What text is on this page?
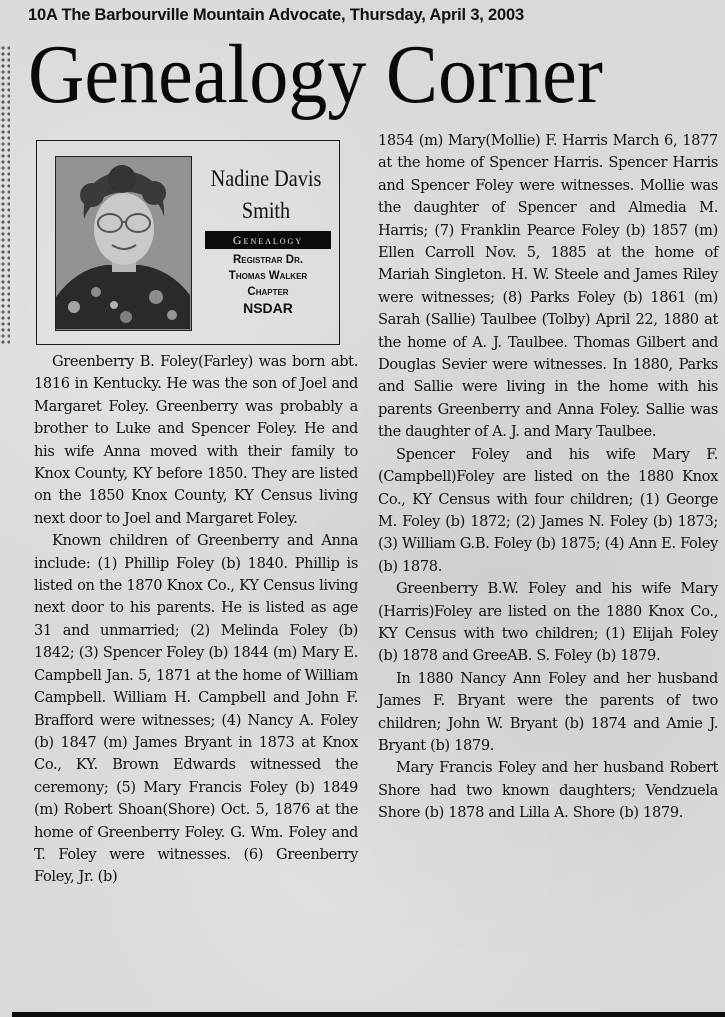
10A The Barbourville Mountain Advocate, Thursday, April 3, 2003
Genealogy Corner
Nadine Davis
Smith
Genealogy
Registrar Dr.
Thomas Walker
Chapter
NSDAR

Greenberry B. Foley(Farley) was born abt. 1816 in Kentucky. He was the son of Joel and Margaret Foley. Greenberry was probably a brother to Luke and Spencer Foley. He and his wife Anna moved with their family to Knox County, KY before 1850. They are listed on the 1850 Knox County, KY Census living next door to Joel and Margaret Foley.

Known children of Greenberry and Anna include: (1) Phillip Foley (b) 1840. Phillip is listed on the 1870 Knox Co., KY Census living next door to his parents. He is listed as age 31 and unmarried; (2) Melinda Foley (b) 1842; (3) Spencer Foley (b) 1844 (m) Mary E. Campbell Jan. 5, 1871 at the home of William Campbell. William H. Campbell and John F. Brafford were witnesses; (4) Nancy A. Foley (b) 1847 (m) James Bryant in 1873 at Knox Co., KY. Brown Edwards witnessed the ceremony; (5) Mary Francis Foley (b) 1849 (m) Robert Shoan(Shore) Oct. 5, 1876 at the home of Greenberry Foley. G. Wm. Foley and T. Foley were witnesses. (6) Greenberry Foley, Jr. (b)

1854 (m) Mary(Mollie) F. Harris March 6, 1877 at the home of Spencer Harris. Spencer Harris and Spencer Foley were witnesses. Mollie was the daughter of Spencer and Almedia M. Harris; (7) Franklin Pearce Foley (b) 1857 (m) Ellen Carroll Nov. 5, 1885 at the home of Mariah Singleton. H. W. Steele and James Riley were witnesses; (8) Parks Foley (b) 1861 (m) Sarah (Sallie) Taulbee (Tolby) April 22, 1880 at the home of A. J. Taulbee. Thomas Gilbert and Douglas Sevier were witnesses. In 1880, Parks and Sallie were living in the home with his parents Greenberry and Anna Foley. Sallie was the daughter of A. J. and Mary Taulbee.

Spencer Foley and his wife Mary F. (Campbell)Foley are listed on the 1880 Knox Co., KY Census with four children; (1) George M. Foley (b) 1872; (2) James N. Foley (b) 1873; (3) William G.B. Foley (b) 1875; (4) Ann E. Foley (b) 1878.

Greenberry B.W. Foley and his wife Mary (Harris)Foley are listed on the 1880 Knox Co., KY Census with two children; (1) Elijah Foley (b) 1878 and GreeAB. S. Foley (b) 1879.

In 1880 Nancy Ann Foley and her husband James F. Bryant were the parents of two children; John W. Bryant (b) 1874 and Amie J. Bryant (b) 1879.

Mary Francis Foley and her husband Robert Shore had two known daughters; Vendzuela Shore (b) 1878 and Lilla A. Shore (b) 1879.
